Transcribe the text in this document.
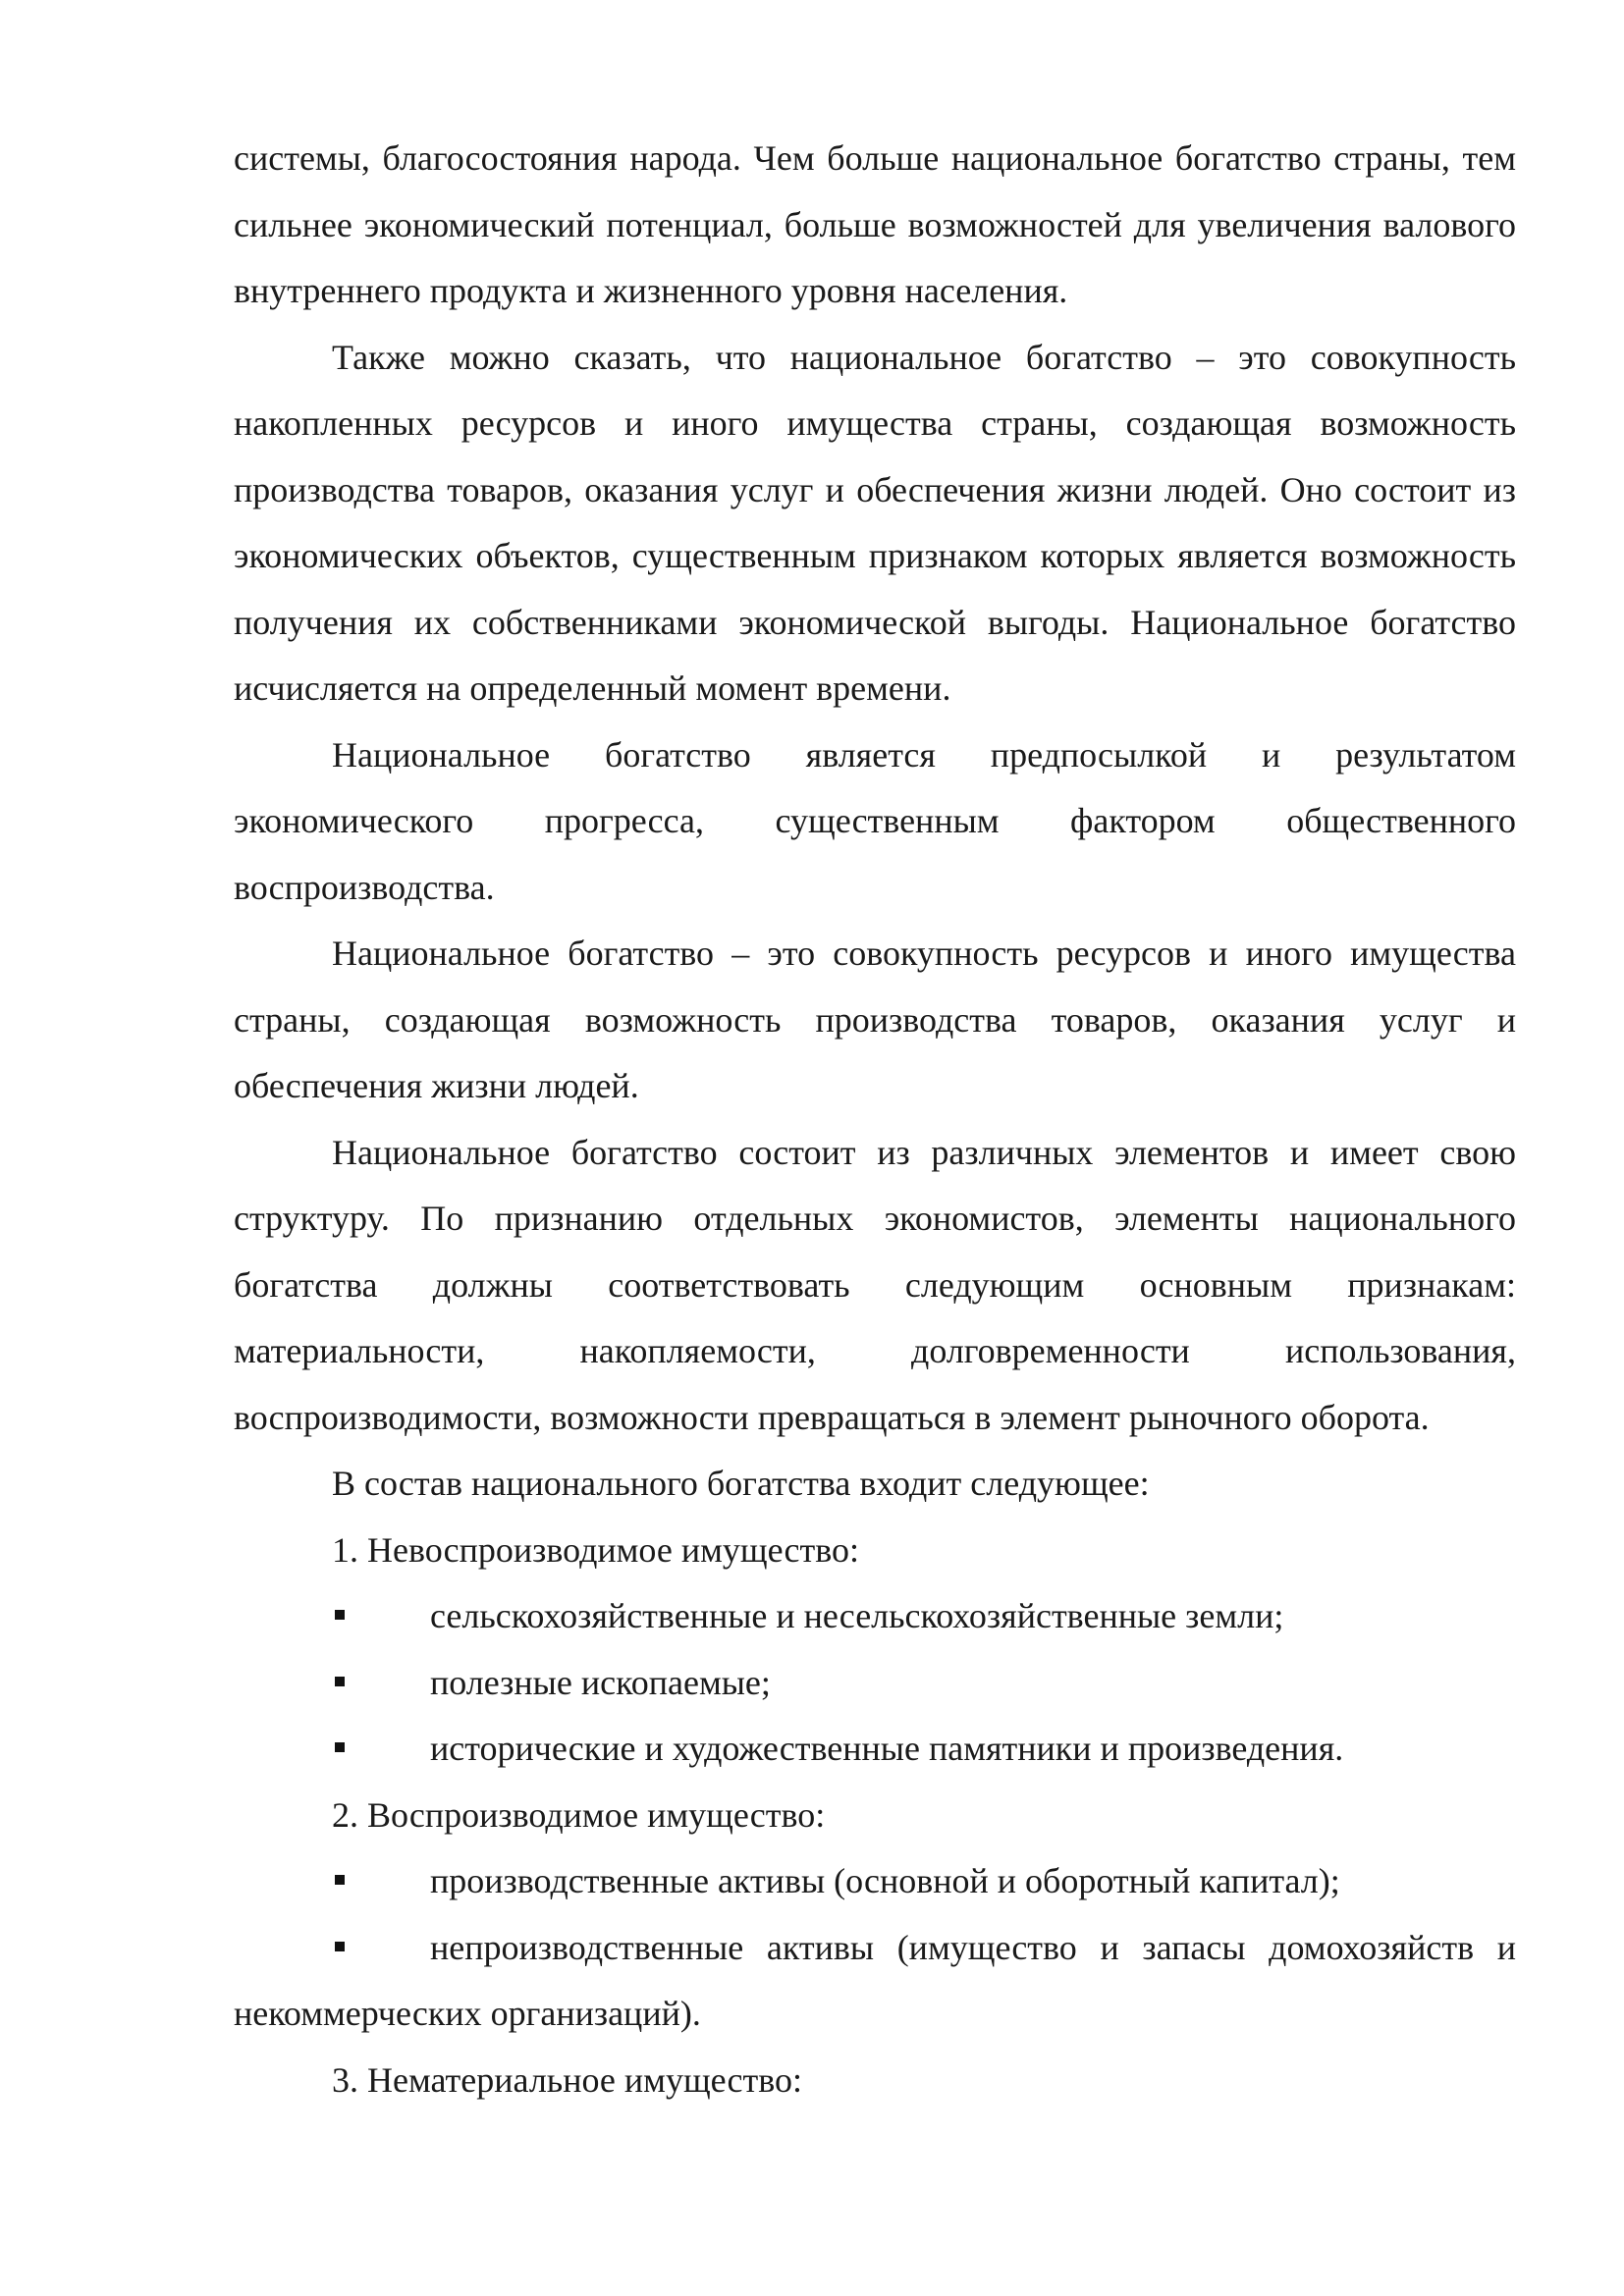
системы, благосостояния народа. Чем больше национальное богатство страны, тем сильнее экономический потенциал, больше возможностей для увеличения валового внутреннего продукта и жизненного уровня населения.

Также можно сказать, что национальное богатство – это совокупность накопленных ресурсов и иного имущества страны, создающая возможность производства товаров, оказания услуг и обеспечения жизни людей. Оно состоит из экономических объектов, существенным признаком которых является возможность получения их собственниками экономической выгоды. Национальное богатство исчисляется на определенный момент времени.

Национальное богатство является предпосылкой и результатом экономического прогресса, существенным фактором общественного воспроизводства.

Национальное богатство – это совокупность ресурсов и иного имущества страны, создающая возможность производства товаров, оказания услуг и обеспечения жизни людей.

Национальное богатство состоит из различных элементов и имеет свою структуру. По признанию отдельных экономистов, элементы национального богатства должны соответствовать следующим основным признакам: материальности, накопляемости, долговременности использования, воспроизводимости, возможности превращаться в элемент рыночного оборота.

В состав национального богатства входит следующее:

1. Невоспроизводимое имущество:

сельскохозяйственные и несельскохозяйственные земли;
полезные ископаемые;
исторические и художественные памятники и произведения.

2. Воспроизводимое имущество:

производственные активы (основной и оборотный капитал);
непроизводственные активы (имущество и запасы домохозяйств и некоммерческих организаций).

3. Нематериальное имущество:
